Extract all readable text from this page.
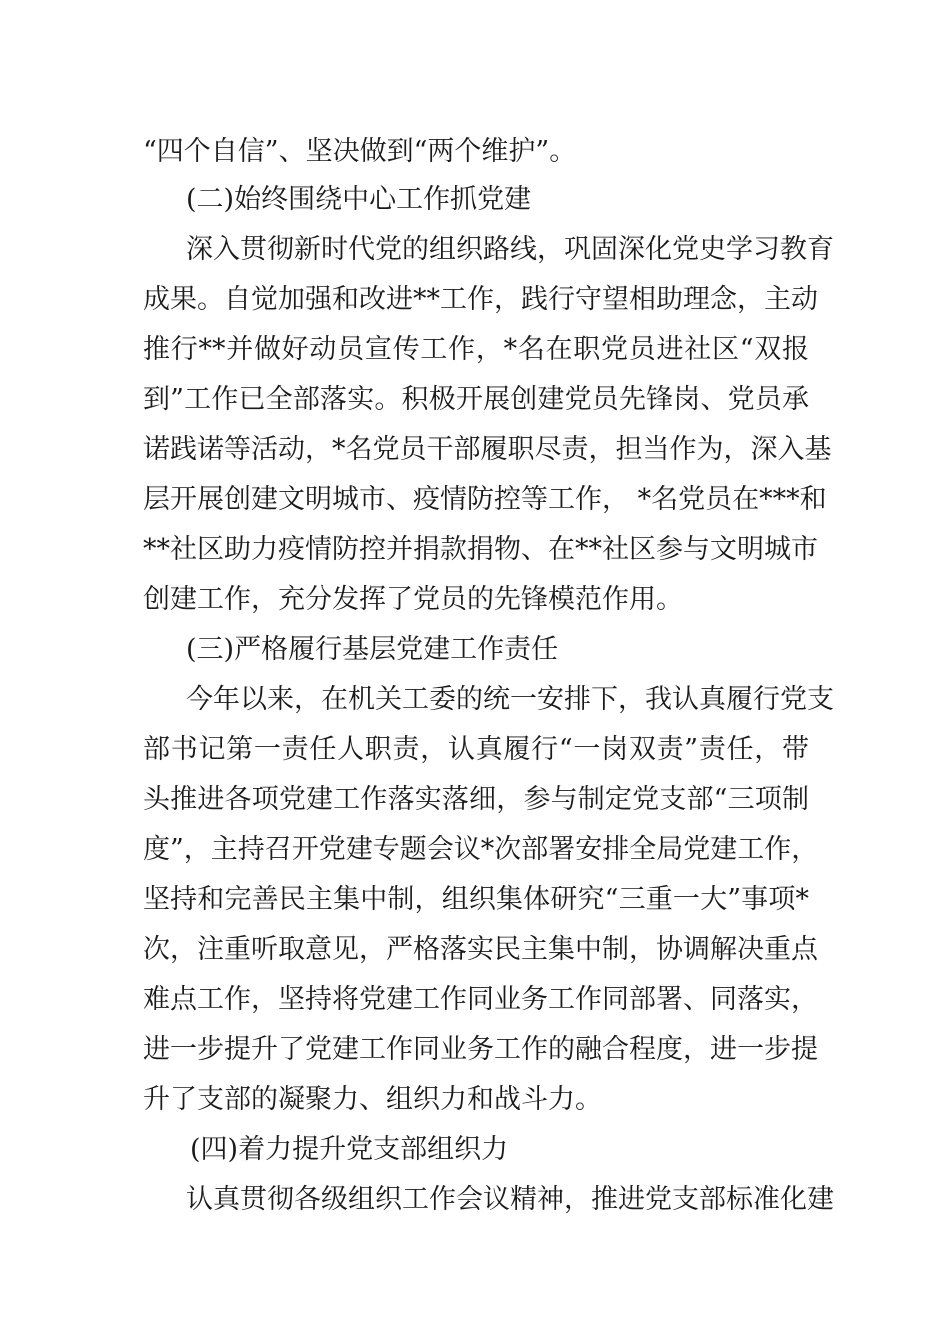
“四个自信”、坚决做到“两个维护”。
(二)始终围绕中心工作抓党建
深入贯彻新时代党的组织路线，巩固深化党史学习教育
成果。自觉加强和改进**工作，践行守望相助理念，主动
推行**并做好动员宣传工作，*名在职党员进社区“双报
到”工作已全部落实。积极开展创建党员先锋岗、党员承
诺践诺等活动，*名党员干部履职尽责，担当作为，深入基
层开展创建文明城市、疫情防控等工作， *名党员在***和
**社区助力疫情防控并捐款捐物、在**社区参与文明城市
创建工作，充分发挥了党员的先锋模范作用。
(三)严格履行基层党建工作责任
今年以来，在机关工委的统一安排下，我认真履行党支
部书记第一责任人职责，认真履行“一岗双责”责任，带
头推进各项党建工作落实落细，参与制定党支部“三项制
度”，主持召开党建专题会议*次部署安排全局党建工作，
坚持和完善民主集中制，组织集体研究“三重一大”事项*
次，注重听取意见，严格落实民主集中制，协调解决重点
难点工作，坚持将党建工作同业务工作同部署、同落实，
进一步提升了党建工作同业务工作的融合程度，进一步提
升了支部的凝聚力、组织力和战斗力。
(四)着力提升党支部组织力
认真贯彻各级组织工作会议精神，推进党支部标准化建
